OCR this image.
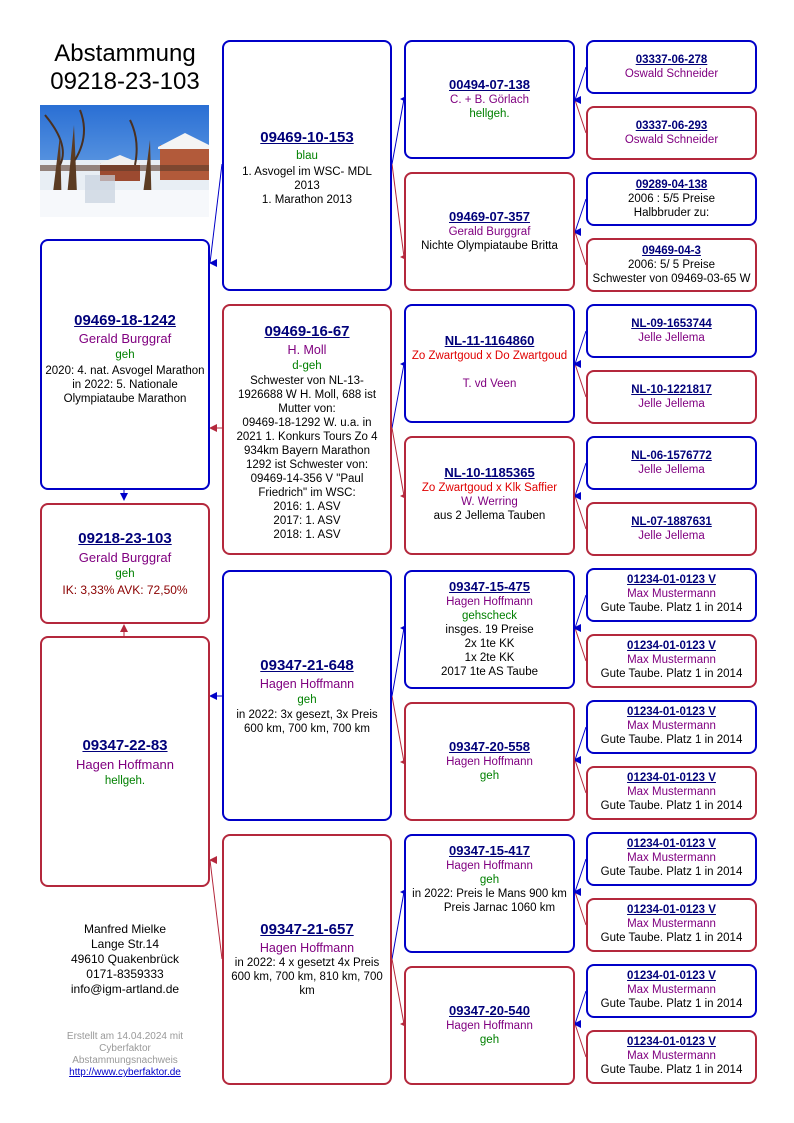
Abstammung
09218-23-103
09469-18-1242
Gerald Burggraf
geh
2020: 4. nat. Asvogel Marathon
in 2022: 5. Nationale Olympiataube Marathon
09218-23-103
Gerald Burggraf
geh
IK: 3,33% AVK: 72,50%
09347-22-83
Hagen Hoffmann
hellgeh.
09469-10-153
blau
1. Asvogel im WSC- MDL 2013
1. Marathon 2013
09469-16-67
H. Moll
d-geh
Schwester von NL-13-1926688 W H. Moll, 688 ist Mutter von:
09469-18-1292 W. u.a. in 2021 1. Konkurs Tours Zo 4 934km Bayern Marathon
1292 ist Schwester von: 09469-14-356 V "Paul Friedrich" im WSC:
2016: 1. ASV
2017: 1. ASV
2018: 1. ASV
09347-21-648
Hagen Hoffmann
geh
in 2022: 3x gesezt, 3x Preis 600 km, 700 km, 700 km
09347-21-657
Hagen Hoffmann
in 2022: 4 x gesetzt 4x Preis 600 km, 700 km, 810 km, 700 km
00494-07-138
C. + B. Görlach
hellgeh.
09469-07-357
Gerald Burggraf
Nichte Olympiataube Britta
NL-11-1164860
Zo Zwartgoud x Do Zwartgoud
T. vd Veen
NL-10-1185365
Zo Zwartgoud x Klk Saffier
W. Werring
aus 2 Jellema Tauben
09347-15-475
Hagen Hoffmann
gehscheck
insges. 19 Preise
2x 1te KK
1x 2te KK
2017 1te AS Taube
09347-20-558
Hagen Hoffmann
geh
09347-15-417
Hagen Hoffmann
geh
in 2022: Preis le Mans 900 km
Preis Jarnac 1060 km
09347-20-540
Hagen Hoffmann
geh
03337-06-278
Oswald Schneider
03337-06-293
Oswald Schneider
09289-04-138
2006 : 5/5 Preise
Halbbruder zu:
09469-04-3
2006: 5/ 5 Preise
Schwester von 09469-03-65 W
NL-09-1653744
Jelle Jellema
NL-10-1221817
Jelle Jellema
NL-06-1576772
Jelle Jellema
NL-07-1887631
Jelle Jellema
01234-01-0123 V
Max Mustermann
Gute Taube. Platz 1 in 2014
01234-01-0123 V
Max Mustermann
Gute Taube. Platz 1 in 2014
01234-01-0123 V
Max Mustermann
Gute Taube. Platz 1 in 2014
01234-01-0123 V
Max Mustermann
Gute Taube. Platz 1 in 2014
01234-01-0123 V
Max Mustermann
Gute Taube. Platz 1 in 2014
01234-01-0123 V
Max Mustermann
Gute Taube. Platz 1 in 2014
01234-01-0123 V
Max Mustermann
Gute Taube. Platz 1 in 2014
01234-01-0123 V
Max Mustermann
Gute Taube. Platz 1 in 2014
Manfred Mielke
Lange Str.14
49610 Quakenbrück
0171-8359333
info@igm-artland.de
Erstellt am 14.04.2024 mit
Cyberfaktor
Abstammungsnachweis
http://www.cyberfaktor.de
